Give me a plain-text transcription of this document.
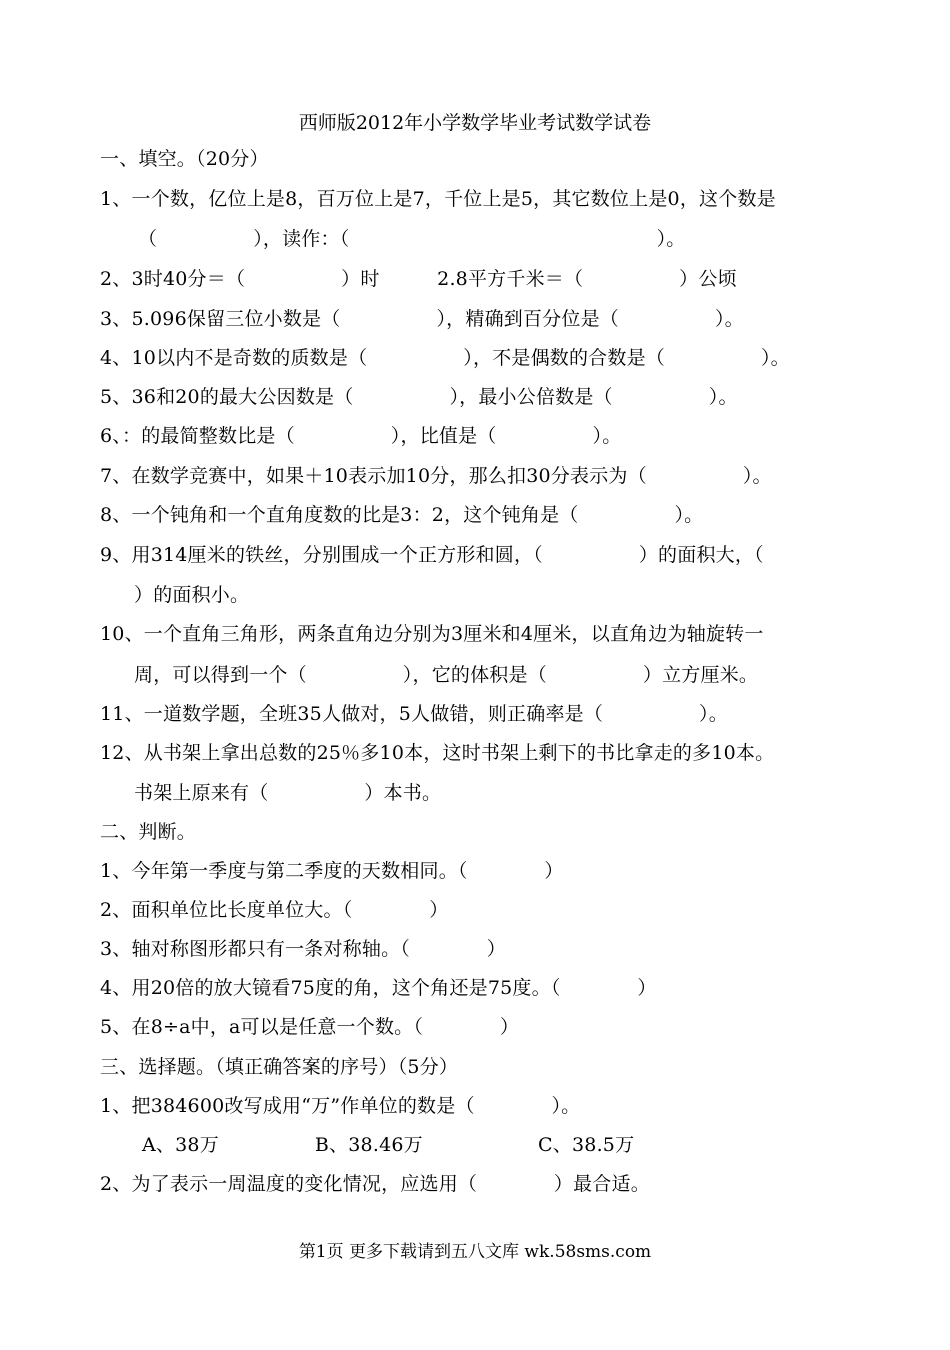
西师版2012年小学数学毕业考试数学试卷
一、填空。（20分）
1、一个数，亿位上是8，百万位上是7，千位上是5，其它数位上是0，这个数是
（　　　　　），读作：（　　　　　　　　　　　　　　　　）。
2、3时40分＝（　　　　　）时　　　2.8平方千米＝（　　　　　）公顷
3、5.096保留三位小数是（　　　　　），精确到百分位是（　　　　　）。
4、10以内不是奇数的质数是（　　　　　），不是偶数的合数是（　　　　　）。
5、36和20的最大公因数是（　　　　　），最小公倍数是（　　　　　）。
6、：的最简整数比是（　　　　　），比值是（　　　　　）。
7、在数学竞赛中，如果＋10表示加10分，那么扣30分表示为（　　　　　）。
8、一个钝角和一个直角度数的比是3：2，这个钝角是（　　　　　）。
9、用314厘米的铁丝，分别围成一个正方形和圆，（　　　　　）的面积大，（
）的面积小。
10、一个直角三角形，两条直角边分别为3厘米和4厘米，以直角边为轴旋转一
周，可以得到一个（　　　　　），它的体积是（　　　　　）立方厘米。
11、一道数学题，全班35人做对，5人做错，则正确率是（　　　　　）。
12、从书架上拿出总数的25％多10本，这时书架上剩下的书比拿走的多10本。
书架上原来有（　　　　　）本书。
二、判断。
1、今年第一季度与第二季度的天数相同。（　　　　）
2、面积单位比长度单位大。（　　　　）
3、轴对称图形都只有一条对称轴。（　　　　）
4、用20倍的放大镜看75度的角，这个角还是75度。（　　　　）
5、在8÷a中，a可以是任意一个数。（　　　　）
三、选择题。（填正确答案的序号）（5分）
1、把384600改写成用“万”作单位的数是（　　　　）。
A、38万　　　　　B、38.46万　　　　　　C、38.5万
2、为了表示一周温度的变化情况，应选用（　　　　）最合适。
第1页 更多下载请到五八文库 wk.58sms.com
